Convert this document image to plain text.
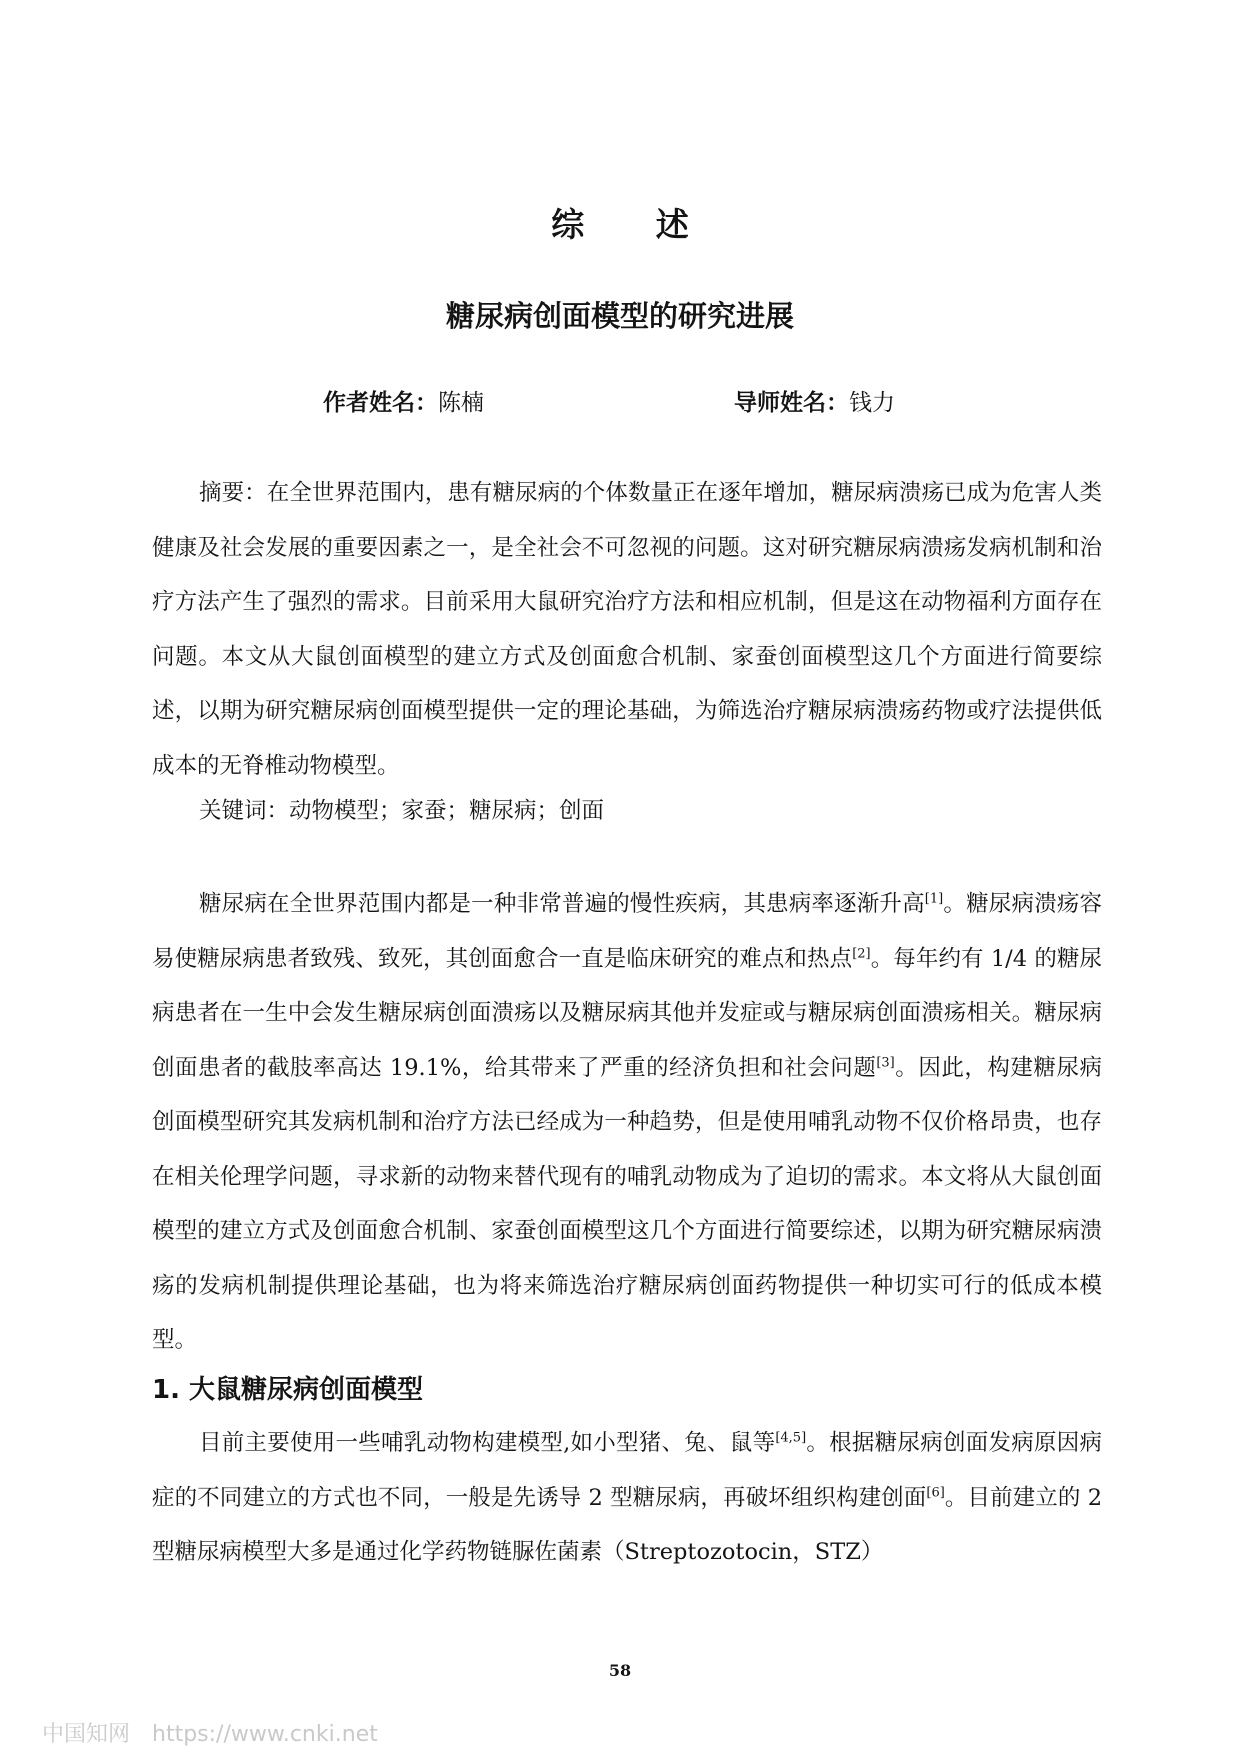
综 述
糖尿病创面模型的研究进展
作者姓名：陈楠	导师姓名：钱力

摘要：在全世界范围内，患有糖尿病的个体数量正在逐年增加，糖尿病溃疡已成为危害人类健康及社会发展的重要因素之一，是全社会不可忽视的问题。这对研究糖尿病溃疡发病机制和治疗方法产生了强烈的需求。目前采用大鼠研究治疗方法和相应机制，但是这在动物福利方面存在问题。本文从大鼠创面模型的建立方式及创面愈合机制、家蚕创面模型这几个方面进行简要综述，以期为研究糖尿病创面模型提供一定的理论基础，为筛选治疗糖尿病溃疡药物或疗法提供低成本的无脊椎动物模型。

关键词：动物模型；家蚕；糖尿病；创面

糖尿病在全世界范围内都是一种非常普遍的慢性疾病，其患病率逐渐升高[1]。糖尿病溃疡容易使糖尿病患者致残、致死，其创面愈合一直是临床研究的难点和热点[2]。每年约有 1/4 的糖尿病患者在一生中会发生糖尿病创面溃疡以及糖尿病其他并发症或与糖尿病创面溃疡相关。糖尿病创面患者的截肢率高达 19.1%，给其带来了严重的经济负担和社会问题[3]。因此，构建糖尿病创面模型研究其发病机制和治疗方法已经成为一种趋势，但是使用哺乳动物不仅价格昂贵，也存在相关伦理学问题，寻求新的动物来替代现有的哺乳动物成为了迫切的需求。本文将从大鼠创面模型的建立方式及创面愈合机制、家蚕创面模型这几个方面进行简要综述，以期为研究糖尿病溃疡的发病机制提供理论基础，也为将来筛选治疗糖尿病创面药物提供一种切实可行的低成本模型。

1. 大鼠糖尿病创面模型

目前主要使用一些哺乳动物构建模型,如小型猪、兔、鼠等[4,5]。根据糖尿病创面发病原因病症的不同建立的方式也不同，一般是先诱导 2 型糖尿病，再破坏组织构建创面[6]。目前建立的 2 型糖尿病模型大多是通过化学药物链脲佐菌素（Streptozotocin，STZ）

58
中国知网 https://www.cnki.net
